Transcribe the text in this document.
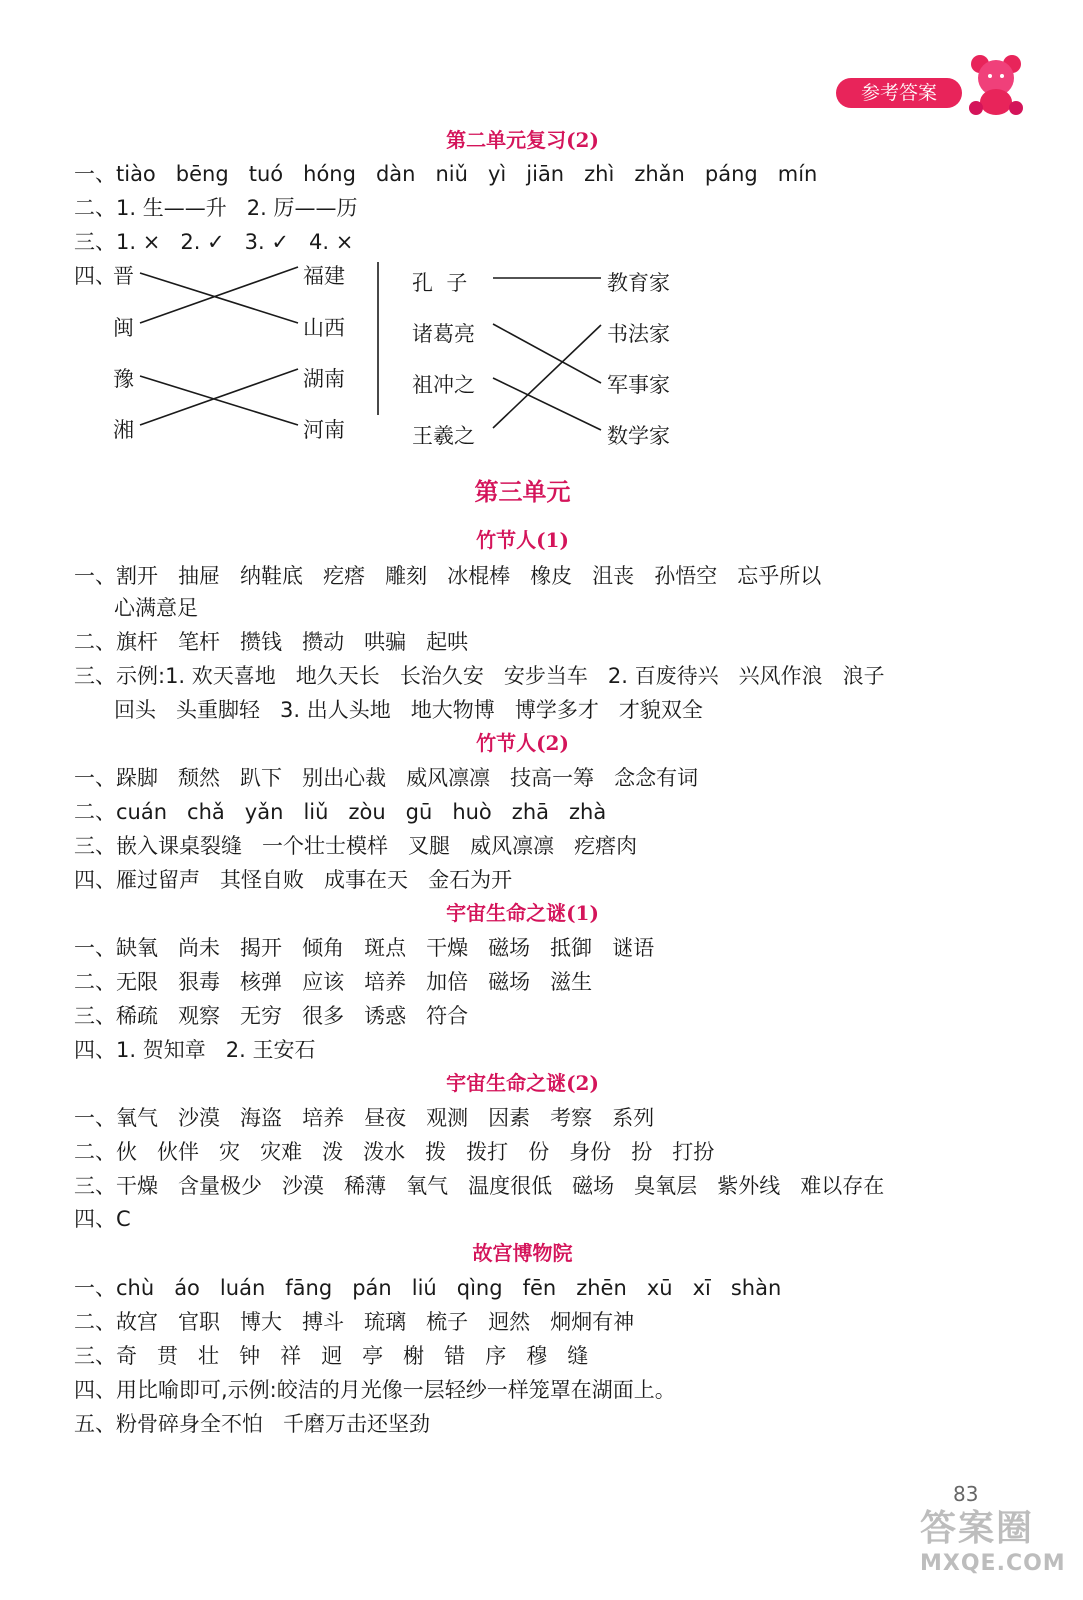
参考答案
第二单元复习(2)
一、tiào   bēng   tuó   hóng   dàn   niǔ   yì   jiān   zhì   zhǎn   páng   mín
二、1. 生——升   2. 厉——历
三、1. ×   2. ✓   3. ✓   4. ×
四、
晋
闽
豫
湘
福建
山西
湖南
河南
孔  子
诸葛亮
祖冲之
王羲之
教育家
书法家
军事家
数学家
第三单元
竹节人(1)
一、割开   抽屉   纳鞋底   疙瘩   雕刻   冰棍棒   橡皮   沮丧   孙悟空   忘乎所以
心满意足
二、旗杆   笔杆   攒钱   攒动   哄骗   起哄
三、示例:1. 欢天喜地   地久天长   长治久安   安步当车   2. 百废待兴   兴风作浪   浪子
回头   头重脚轻   3. 出人头地   地大物博   博学多才   才貌双全
竹节人(2)
一、跺脚   颓然   趴下   别出心裁   威风凛凛   技高一筹   念念有词
二、cuán   chǎ   yǎn   liǔ   zòu   gū   huò   zhā   zhà
三、嵌入课桌裂缝   一个壮士模样   叉腿   威风凛凛   疙瘩肉
四、雁过留声   其怪自败   成事在天   金石为开
宇宙生命之谜(1)
一、缺氧   尚未   揭开   倾角   斑点   干燥   磁场   抵御   谜语
二、无限   狠毒   核弹   应该   培养   加倍   磁场   滋生
三、稀疏   观察   无穷   很多   诱惑   符合
四、1. 贺知章   2. 王安石
宇宙生命之谜(2)
一、氧气   沙漠   海盗   培养   昼夜   观测   因素   考察   系列
二、伙   伙伴   灾   灾难   泼   泼水   拨   拨打   份   身份   扮   打扮
三、干燥   含量极少   沙漠   稀薄   氧气   温度很低   磁场   臭氧层   紫外线   难以存在
四、C
故宫博物院
一、chù   áo   luán   fāng   pán   liú   qìng   fēn   zhēn   xū   xī   shàn
二、故宫   官职   博大   搏斗   琉璃   梳子   迥然   炯炯有神
三、奇   贯   壮   钟   祥   迥   亭   榭   错   序   穆   缝
四、用比喻即可,示例:皎洁的月光像一层轻纱一样笼罩在湖面上。
五、粉骨碎身全不怕   千磨万击还坚劲
83
答案圈
MXQE.COM
